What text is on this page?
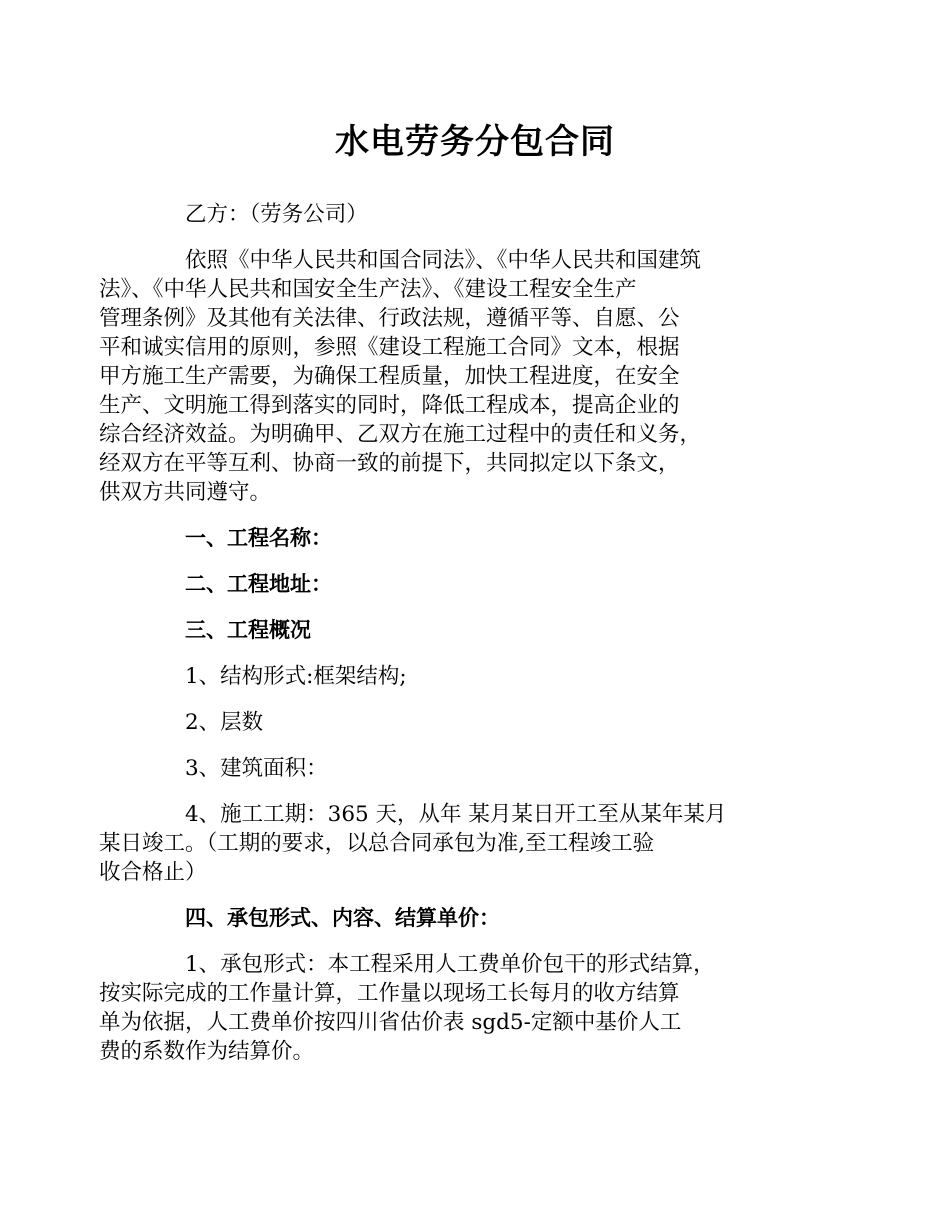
水电劳务分包合同

乙方：（劳务公司）

依照《中华人民共和国合同法》、《中华人民共和国建筑
法》、《中华人民共和国安全生产法》、《建设工程安全生产
管理条例》及其他有关法律、行政法规，遵循平等、自愿、公
平和诚实信用的原则，参照《建设工程施工合同》文本，根据
甲方施工生产需要，为确保工程质量，加快工程进度，在安全
生产、文明施工得到落实的同时，降低工程成本，提高企业的
综合经济效益。为明确甲、乙双方在施工过程中的责任和义务，
经双方在平等互利、协商一致的前提下，共同拟定以下条文，
供双方共同遵守。

一、工程名称：

二、工程地址：

三、工程概况

1、结构形式:框架结构;

2、层数

3、建筑面积：

4、施工工期：365 天，从年 某月某日开工至从某年某月
某日竣工。（工期的要求，以总合同承包为准,至工程竣工验
收合格止）

四、承包形式、内容、结算单价：

1、承包形式：本工程采用人工费单价包干的形式结算，
按实际完成的工作量计算，工作量以现场工长每月的收方结算
单为依据，人工费单价按四川省估价表 sgd5-定额中基价人工
费的系数作为结算价。
